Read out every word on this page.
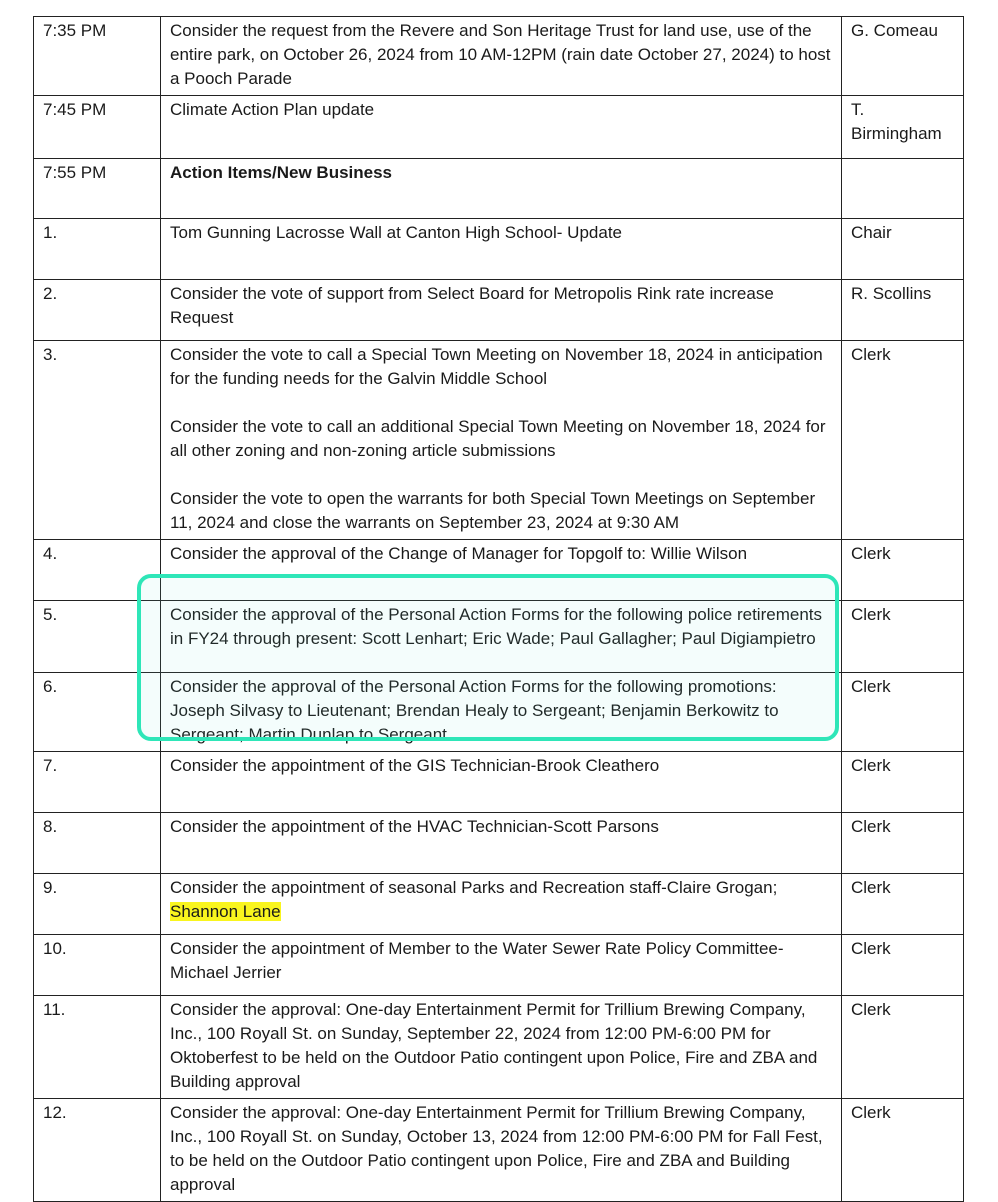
7:35 PM	Consider the request from the Revere and Son Heritage Trust for land use, use of the entire park, on October 26, 2024 from 10 AM-12PM (rain date October 27, 2024) to host a Pooch Parade	G. Comeau
7:45 PM	Climate Action Plan update	T. Birmingham
7:55 PM	Action Items/New Business	
1.	Tom Gunning Lacrosse Wall at Canton High School- Update	Chair
2.	Consider the vote of support from Select Board for Metropolis Rink rate increase Request	R. Scollins
3.	Consider the vote to call a Special Town Meeting on November 18, 2024 in anticipation for the funding needs for the Galvin Middle School
Consider the vote to call an additional Special Town Meeting on November 18, 2024 for all other zoning and non-zoning article submissions
Consider the vote to open the warrants for both Special Town Meetings on September 11, 2024 and close the warrants on September 23, 2024 at 9:30 AM	Clerk
4.	Consider the approval of the Change of Manager for Topgolf to: Willie Wilson	Clerk
5.	Consider the approval of the Personal Action Forms for the following police retirements in FY24 through present: Scott Lenhart; Eric Wade; Paul Gallagher; Paul Digiampietro	Clerk
6.	Consider the approval of the Personal Action Forms for the following promotions: Joseph Silvasy to Lieutenant; Brendan Healy to Sergeant; Benjamin Berkowitz to Sergeant; Martin Dunlap to Sergeant	Clerk
7.	Consider the appointment of the GIS Technician-Brook Cleathero	Clerk
8.	Consider the appointment of the HVAC Technician-Scott Parsons	Clerk
9.	Consider the appointment of seasonal Parks and Recreation staff-Claire Grogan;
Shannon Lane	Clerk
10.	Consider the appointment of Member to the Water Sewer Rate Policy Committee-Michael Jerrier	Clerk
11.	Consider the approval: One-day Entertainment Permit for Trillium Brewing Company, Inc., 100 Royall St. on Sunday, September 22, 2024 from 12:00 PM-6:00 PM for Oktoberfest to be held on the Outdoor Patio contingent upon Police, Fire and ZBA and Building approval	Clerk
12.	Consider the approval: One-day Entertainment Permit for Trillium Brewing Company, Inc., 100 Royall St. on Sunday, October 13, 2024 from 12:00 PM-6:00 PM for Fall Fest, to be held on the Outdoor Patio contingent upon Police, Fire and ZBA and Building approval	Clerk
